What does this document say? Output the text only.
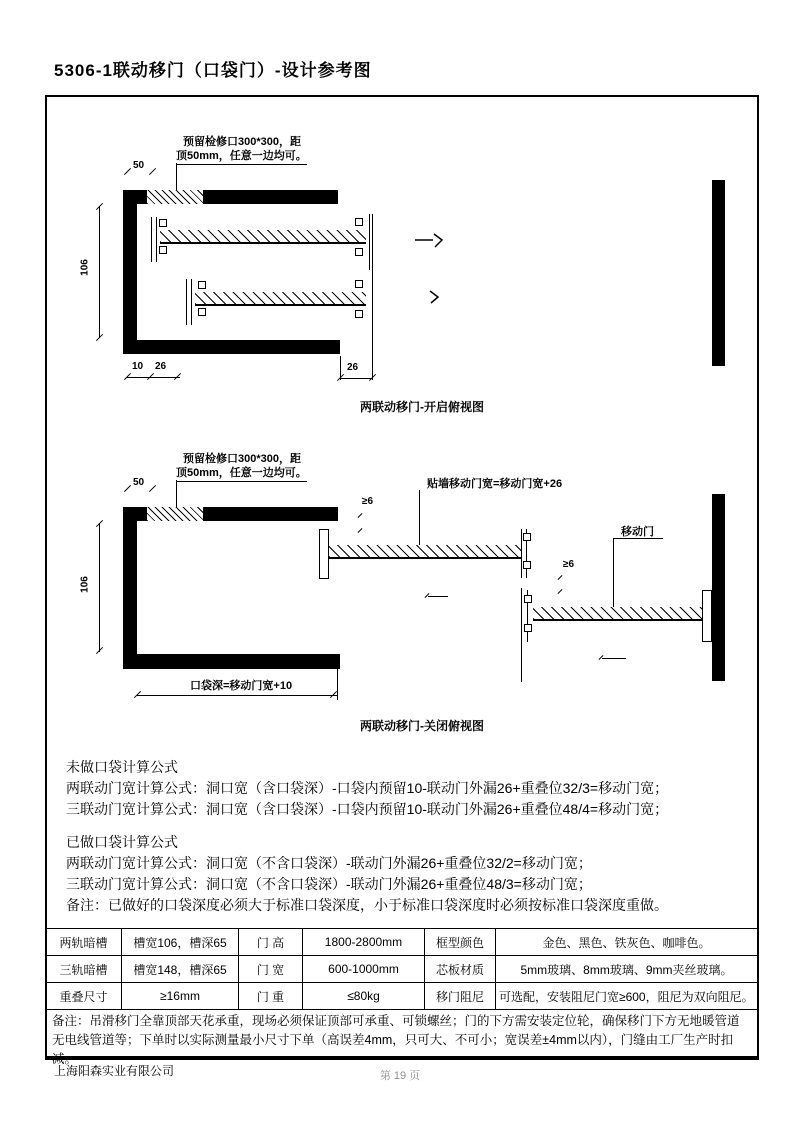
5306-1联动移门（口袋门）-设计参考图
预留检修口300*300，距
顶50mm，任意一边均可。
50
106
10 26	26
两联动移门-开启俯视图
预留检修口300*300，距
顶50mm，任意一边均可。
50
106
≥6
贴墙移动门宽=移动门宽+26
移动门
≥6
口袋深=移动门宽+10
两联动移门-关闭俯视图
未做口袋计算公式
两联动门宽计算公式：洞口宽（含口袋深）-口袋内预留10-联动门外漏26+重叠位32/3=移动门宽；
三联动门宽计算公式：洞口宽（含口袋深）-口袋内预留10-联动门外漏26+重叠位48/4=移动门宽；
已做口袋计算公式
两联动门宽计算公式：洞口宽（不含口袋深）-联动门外漏26+重叠位32/2=移动门宽；
三联动门宽计算公式：洞口宽（不含口袋深）-联动门外漏26+重叠位48/3=移动门宽；
备注：已做好的口袋深度必须大于标准口袋深度，小于标准口袋深度时必须按标准口袋深度重做。
两轨暗槽	槽宽106，槽深65	门 高	1800-2800mm	框型颜色	金色、黑色、铁灰色、咖啡色。
三轨暗槽	槽宽148，槽深65	门 宽	600-1000mm	芯板材质	5mm玻璃、8mm玻璃、9mm夹丝玻璃。
重叠尺寸	≥16mm	门 重	≤80kg	移门阻尼	可选配，安装阻尼门宽≥600，阻尼为双向阻尼。
备注：吊滑移门全靠顶部天花承重，现场必须保证顶部可承重、可锁螺丝；门的下方需安装定位轮，确保移门下方无地暖管道无电线管道等；下单时以实际测量最小尺寸下单（高误差4mm，只可大、不可小；宽误差±4mm以内），门缝由工厂生产时扣减。
上海阳森实业有限公司	第 19 页
